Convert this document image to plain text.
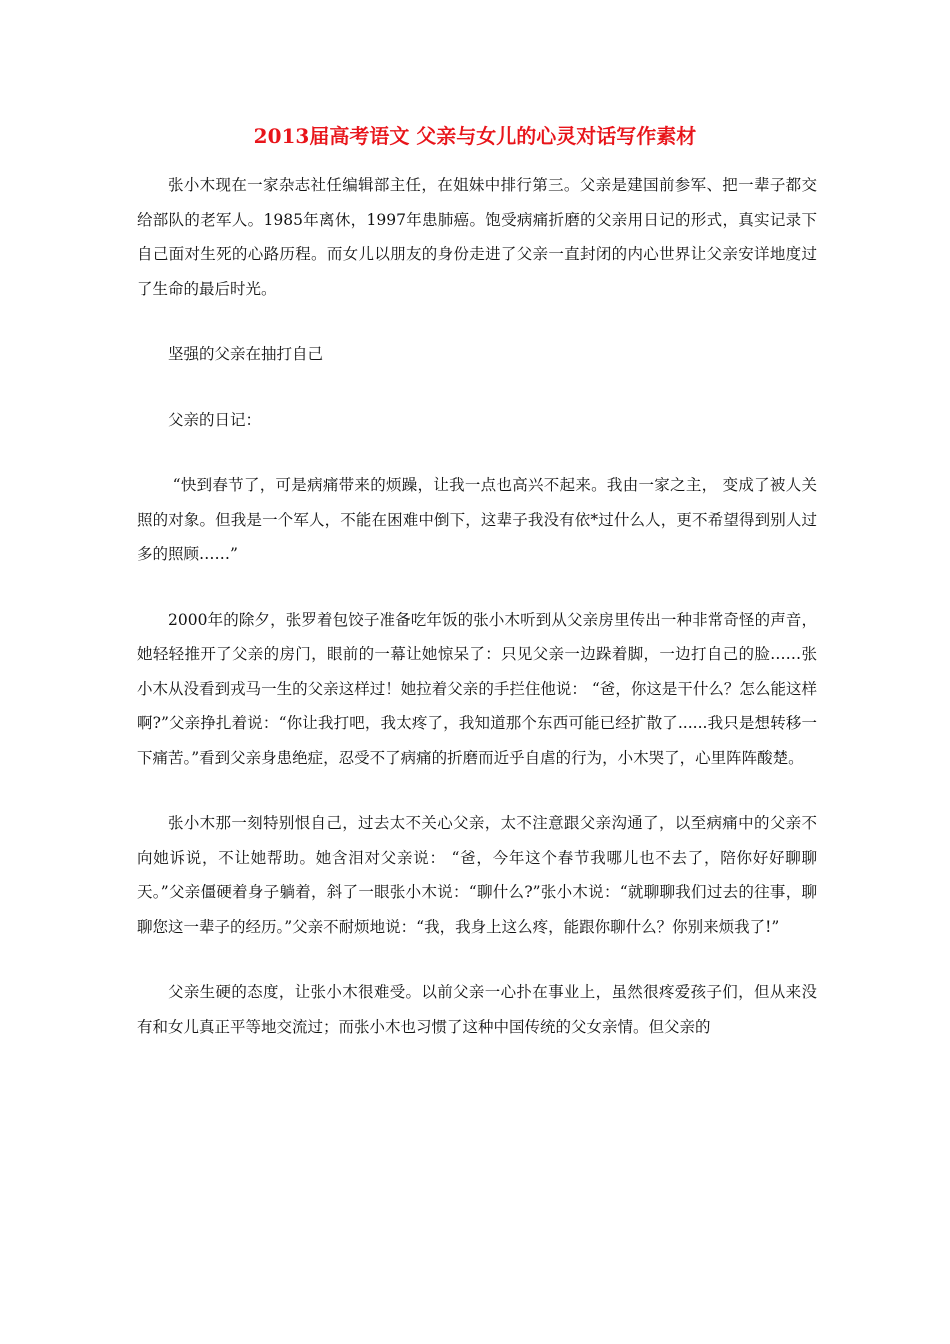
2013届高考语文 父亲与女儿的心灵对话写作素材

张小木现在一家杂志社任编辑部主任，在姐妹中排行第三。父亲是建国前参军、把一辈子都交给部队的老军人。1985年离休，1997年患肺癌。饱受病痛折磨的父亲用日记的形式，真实记录下自己面对生死的心路历程。而女儿以朋友的身份走进了父亲一直封闭的内心世界让父亲安详地度过了生命的最后时光。

坚强的父亲在抽打自己

父亲的日记：

“快到春节了，可是病痛带来的烦躁，让我一点也高兴不起来。我由一家之主， 变成了被人关照的对象。但我是一个军人，不能在困难中倒下，这辈子我没有依*过什么人，更不希望得到别人过多的照顾……”

2000年的除夕，张罗着包饺子准备吃年饭的张小木听到从父亲房里传出一种非常奇怪的声音，她轻轻推开了父亲的房门，眼前的一幕让她惊呆了：只见父亲一边跺着脚，一边打自己的脸……张小木从没看到戎马一生的父亲这样过！她拉着父亲的手拦住他说： “爸，你这是干什么？怎么能这样啊?”父亲挣扎着说：“你让我打吧，我太疼了，我知道那个东西可能已经扩散了......我只是想转移一下痛苦。”看到父亲身患绝症，忍受不了病痛的折磨而近乎自虐的行为，小木哭了，心里阵阵酸楚。

张小木那一刻特别恨自己，过去太不关心父亲，太不注意跟父亲沟通了，以至病痛中的父亲不向她诉说，不让她帮助。她含泪对父亲说： “爸，今年这个春节我哪儿也不去了，陪你好好聊聊天。”父亲僵硬着身子躺着，斜了一眼张小木说：“聊什么?”张小木说：“就聊聊我们过去的往事，聊聊您这一辈子的经历。”父亲不耐烦地说：“我，我身上这么疼，能跟你聊什么？你别来烦我了!”

父亲生硬的态度，让张小木很难受。以前父亲一心扑在事业上，虽然很疼爱孩子们，但从来没有和女儿真正平等地交流过；而张小木也习惯了这种中国传统的父女亲情。但父亲的
